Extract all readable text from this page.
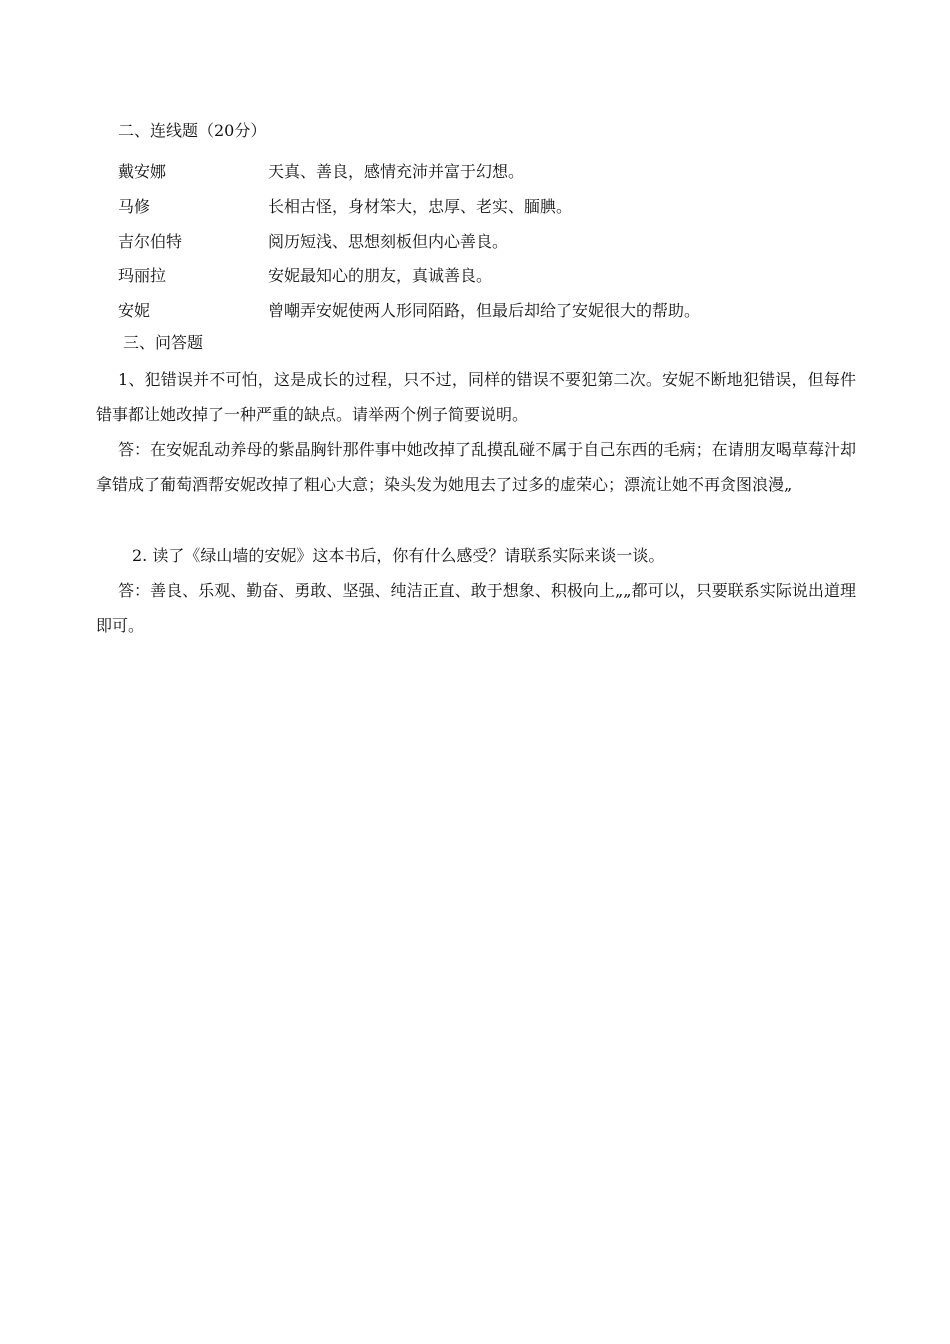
二、连线题（20分）
戴安娜	天真、善良，感情充沛并富于幻想。
马修	长相古怪，身材笨大，忠厚、老实、腼腆。
吉尔伯特	阅历短浅、思想刻板但内心善良。
玛丽拉	安妮最知心的朋友，真诚善良。
安妮	曾嘲弄安妮使两人形同陌路，但最后却给了安妮很大的帮助。
三、问答题
1、犯错误并不可怕，这是成长的过程，只不过，同样的错误不要犯第二次。安妮不断地犯错误，但每件错事都让她改掉了一种严重的缺点。请举两个例子简要说明。
答：在安妮乱动养母的紫晶胸针那件事中她改掉了乱摸乱碰不属于自己东西的毛病；在请朋友喝草莓汁却拿错成了葡萄酒帮安妮改掉了粗心大意；染头发为她甩去了过多的虚荣心；漂流让她不再贪图浪漫„
2. 读了《绿山墙的安妮》这本书后，你有什么感受？请联系实际来谈一谈。
答：善良、乐观、勤奋、勇敢、坚强、纯洁正直、敢于想象、积极向上„„都可以，只要联系实际说出道理即可。
